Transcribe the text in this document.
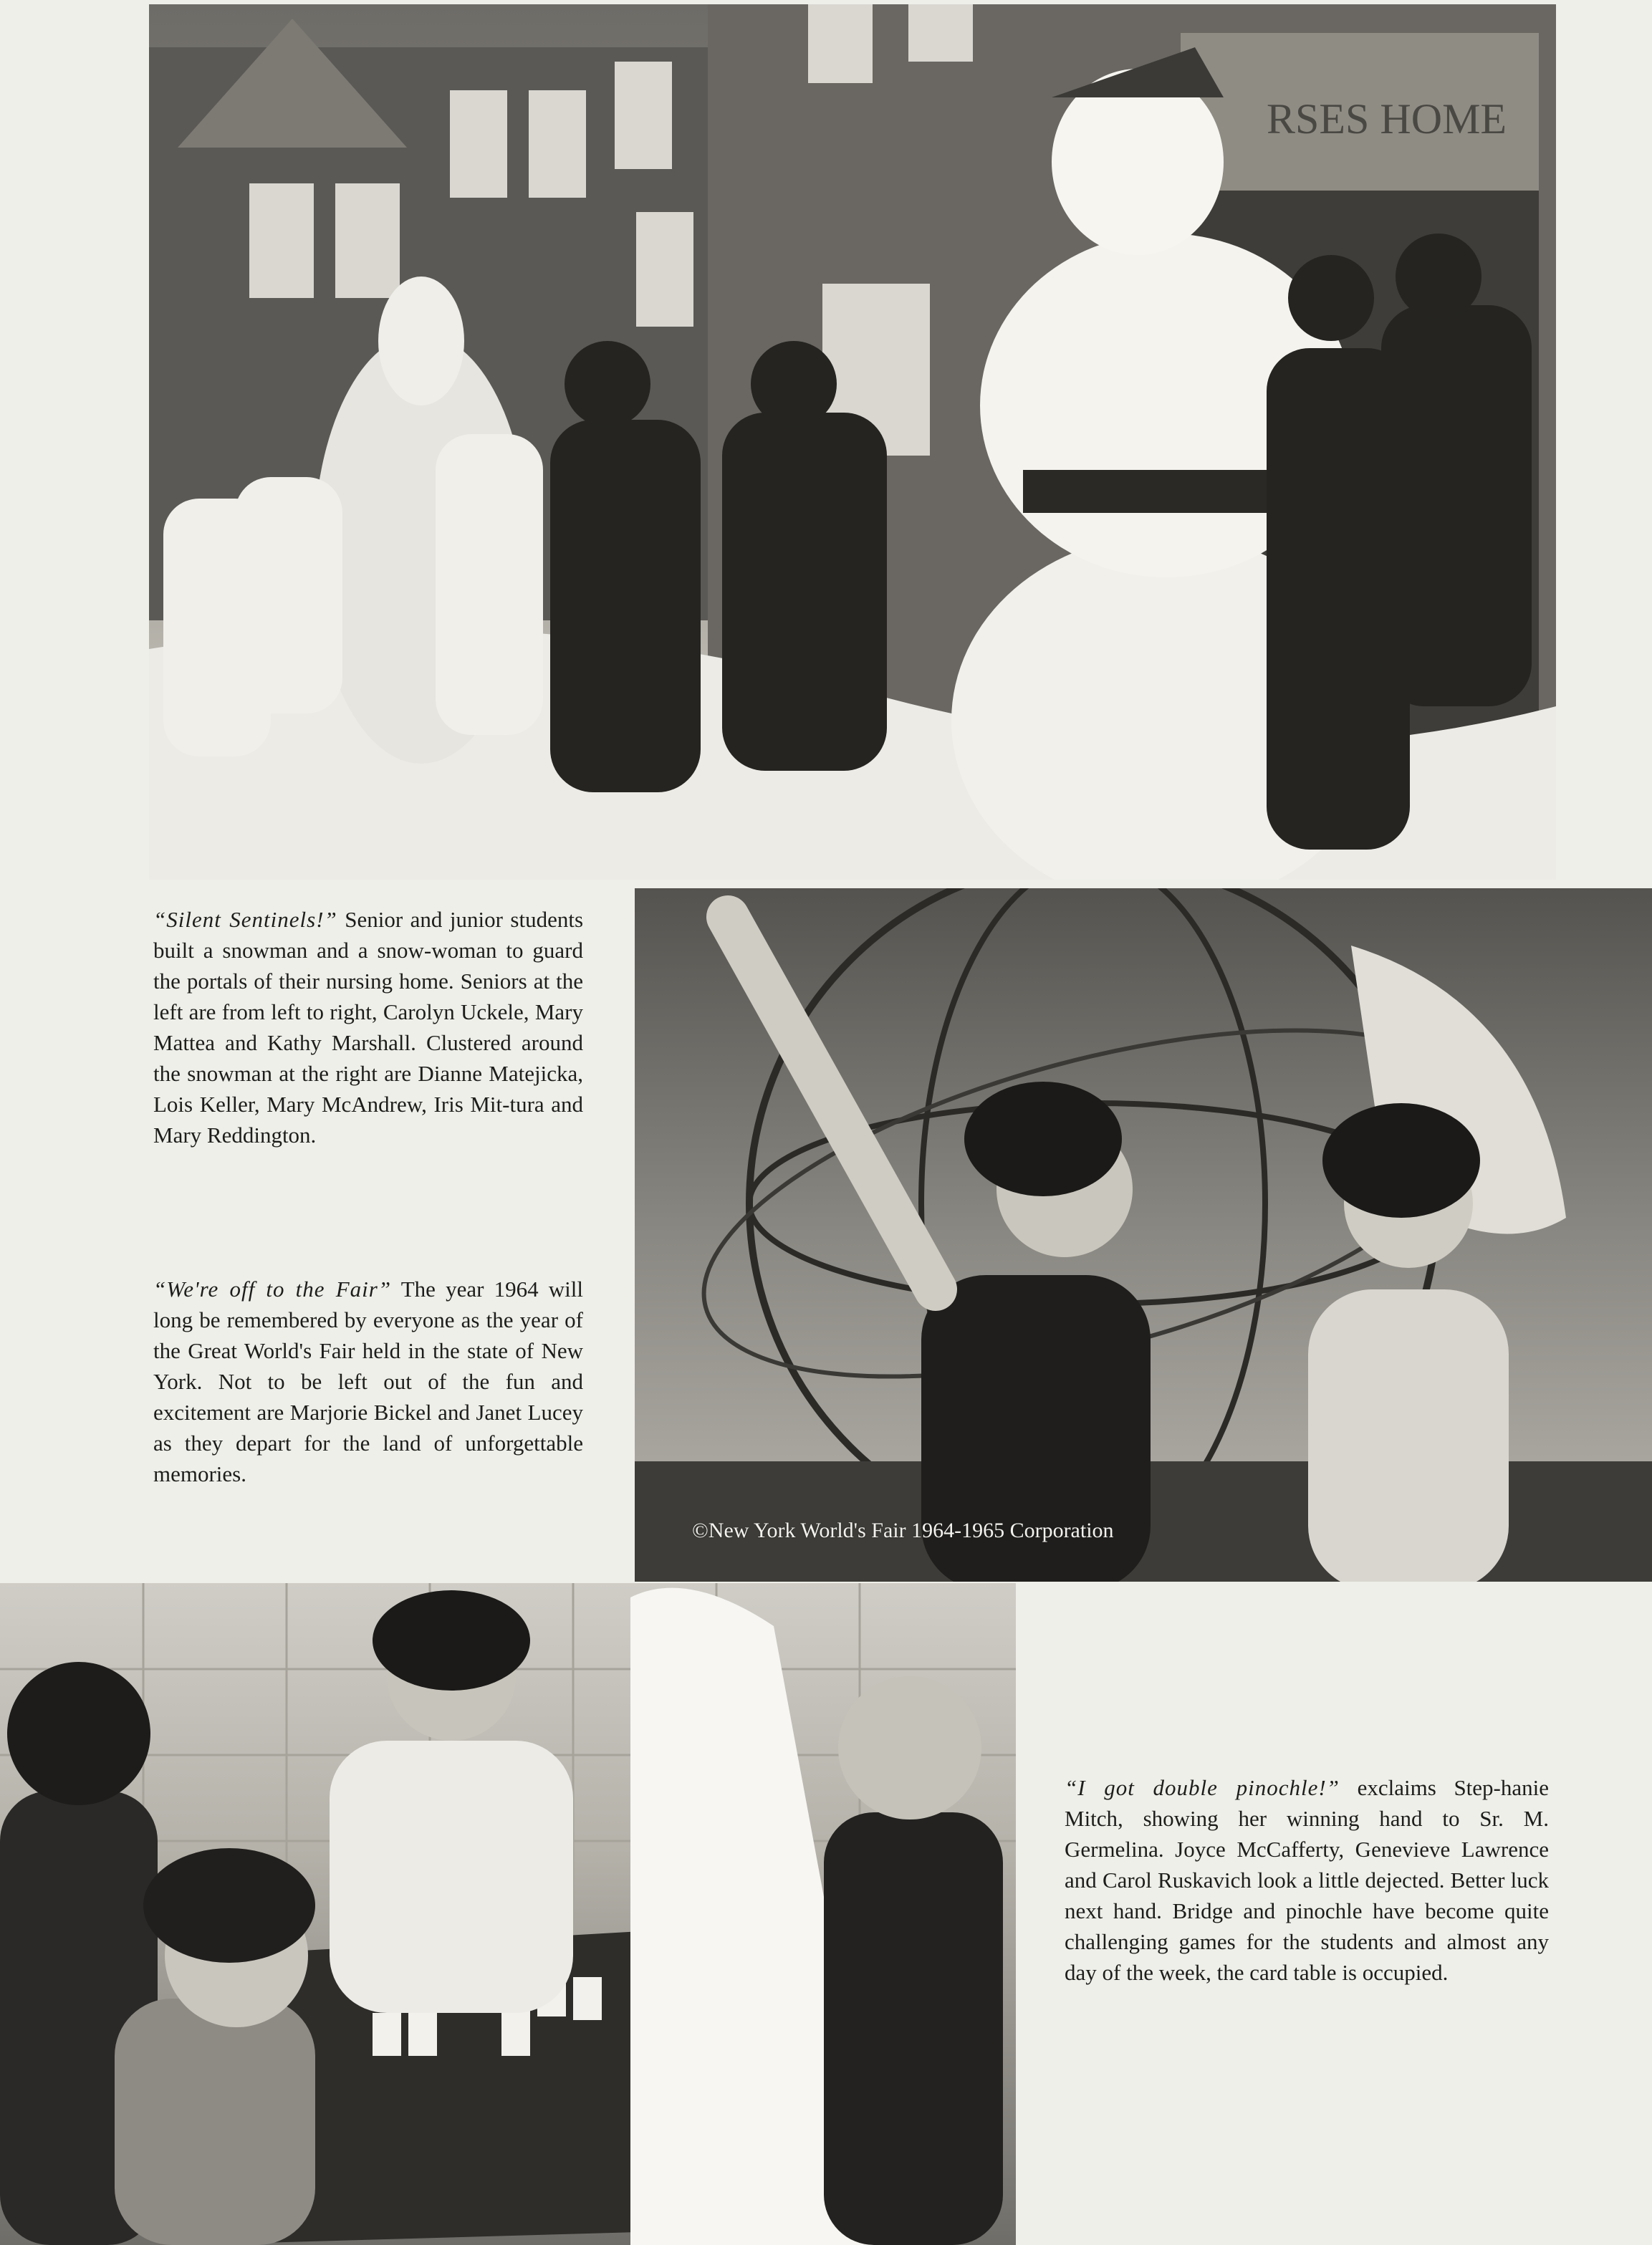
RSES HOME
“Silent Sentinels!” Senior and junior students built a snowman and a snow-woman to guard the portals of their nursing home. Seniors at the left are from left to right, Carolyn Uckele, Mary Mattea and Kathy Marshall. Clustered around the snowman at the right are Dianne Matejicka, Lois Keller, Mary McAndrew, Iris Mit-tura and Mary Reddington.
“We're off to the Fair” The year 1964 will long be remembered by everyone as the year of the Great World's Fair held in the state of New York. Not to be left out of the fun and excitement are Marjorie Bickel and Janet Lucey as they depart for the land of unforgettable memories.
©New York World's Fair 1964-1965 Corporation
“I got double pinochle!” exclaims Step-hanie Mitch, showing her winning hand to Sr. M. Germelina. Joyce McCafferty, Genevieve Lawrence and Carol Ruskavich look a little dejected. Better luck next hand. Bridge and pinochle have become quite challenging games for the students and almost any day of the week, the card table is occupied.
